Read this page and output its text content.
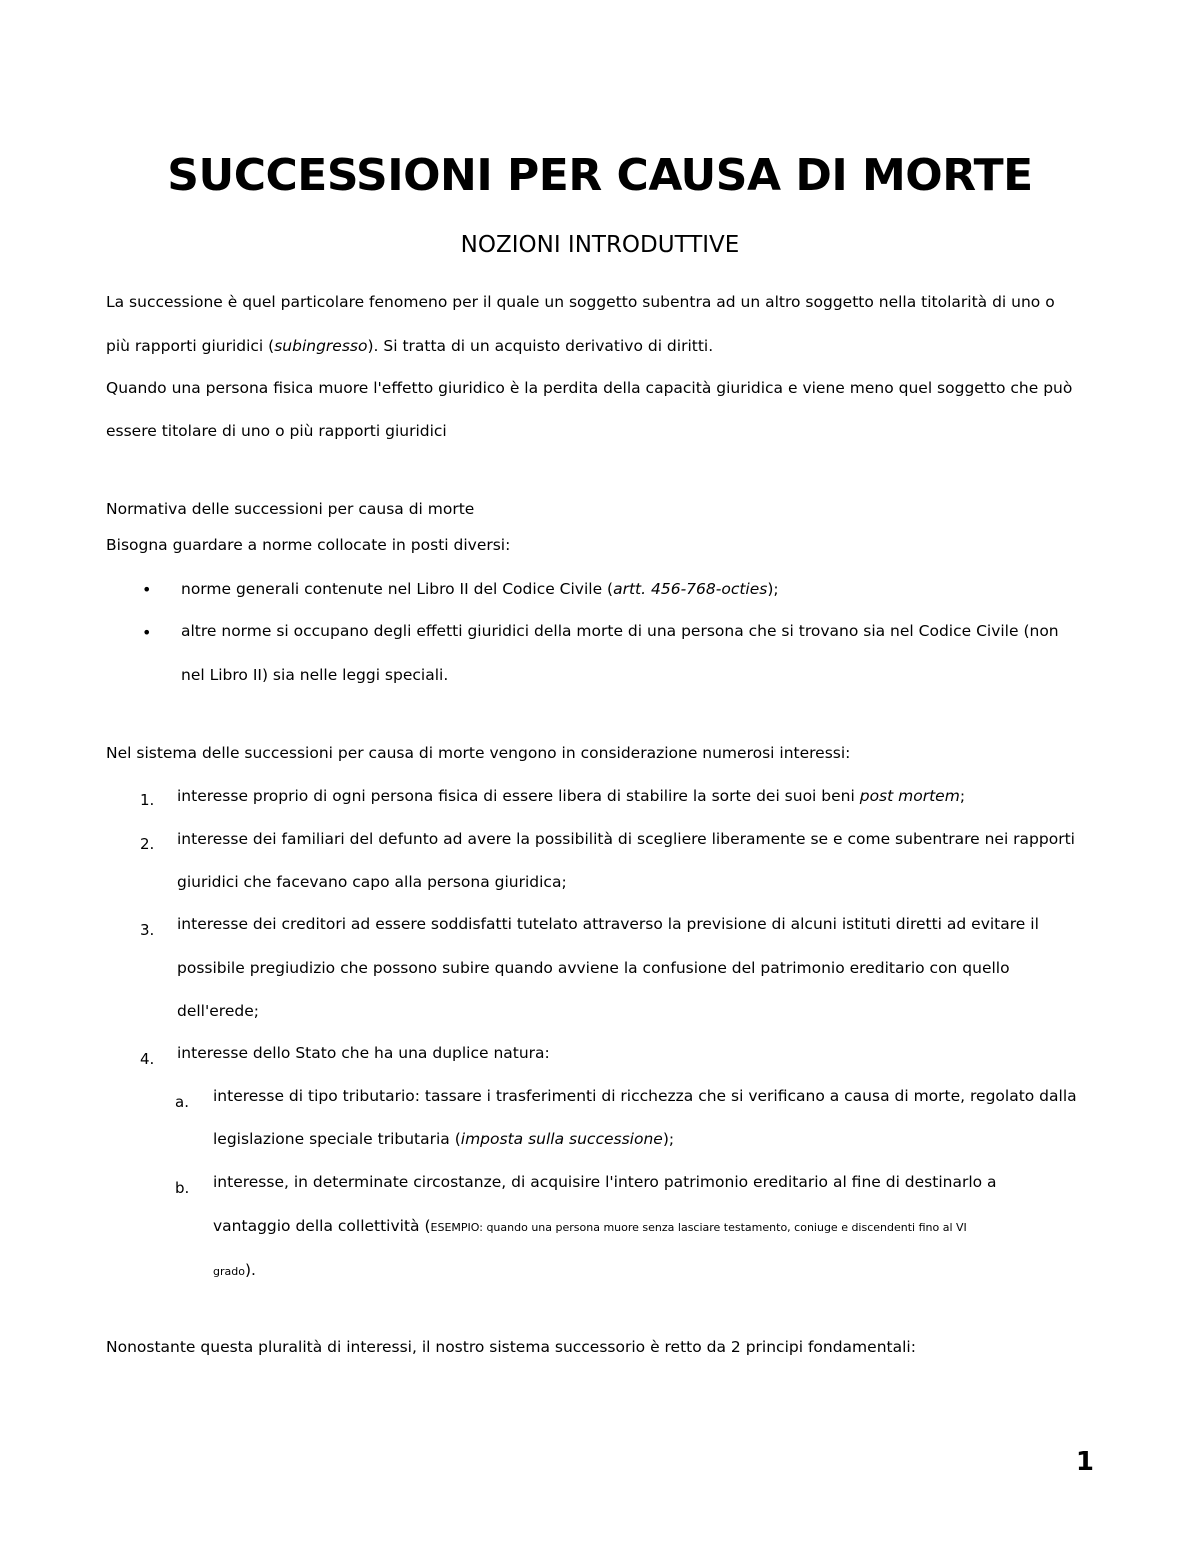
SUCCESSIONI PER CAUSA DI MORTE
NOZIONI INTRODUTTIVE
La successione è quel particolare fenomeno per il quale un soggetto subentra ad un altro soggetto nella titolarità di uno o
più rapporti giuridici (subingresso). Si tratta di un acquisto derivativo di diritti.
Quando una persona fisica muore l'effetto giuridico è la perdita della capacità giuridica e viene meno quel soggetto che può
essere titolare di uno o più rapporti giuridici
Normativa delle successioni per causa di morte
Bisogna guardare a norme collocate in posti diversi:
• norme generali contenute nel Libro II del Codice Civile (artt. 456-768-octies);
• altre norme si occupano degli effetti giuridici della morte di una persona che si trovano sia nel Codice Civile (non
nel Libro II) sia nelle leggi speciali.
Nel sistema delle successioni per causa di morte vengono in considerazione numerosi interessi:
1. interesse proprio di ogni persona fisica di essere libera di stabilire la sorte dei suoi beni post mortem;
2. interesse dei familiari del defunto ad avere la possibilità di scegliere liberamente se e come subentrare nei rapporti
giuridici che facevano capo alla persona giuridica;
3. interesse dei creditori ad essere soddisfatti tutelato attraverso la previsione di alcuni istituti diretti ad evitare il
possibile pregiudizio che possono subire quando avviene la confusione del patrimonio ereditario con quello
dell'erede;
4. interesse dello Stato che ha una duplice natura:
a. interesse di tipo tributario: tassare i trasferimenti di ricchezza che si verificano a causa di morte, regolato dalla
legislazione speciale tributaria (imposta sulla successione);
b. interesse, in determinate circostanze, di acquisire l'intero patrimonio ereditario al fine di destinarlo a
vantaggio della collettività (ESEMPIO: quando una persona muore senza lasciare testamento, coniuge e discendenti fino al VI
grado).
Nonostante questa pluralità di interessi, il nostro sistema successorio è retto da 2 principi fondamentali:
1
